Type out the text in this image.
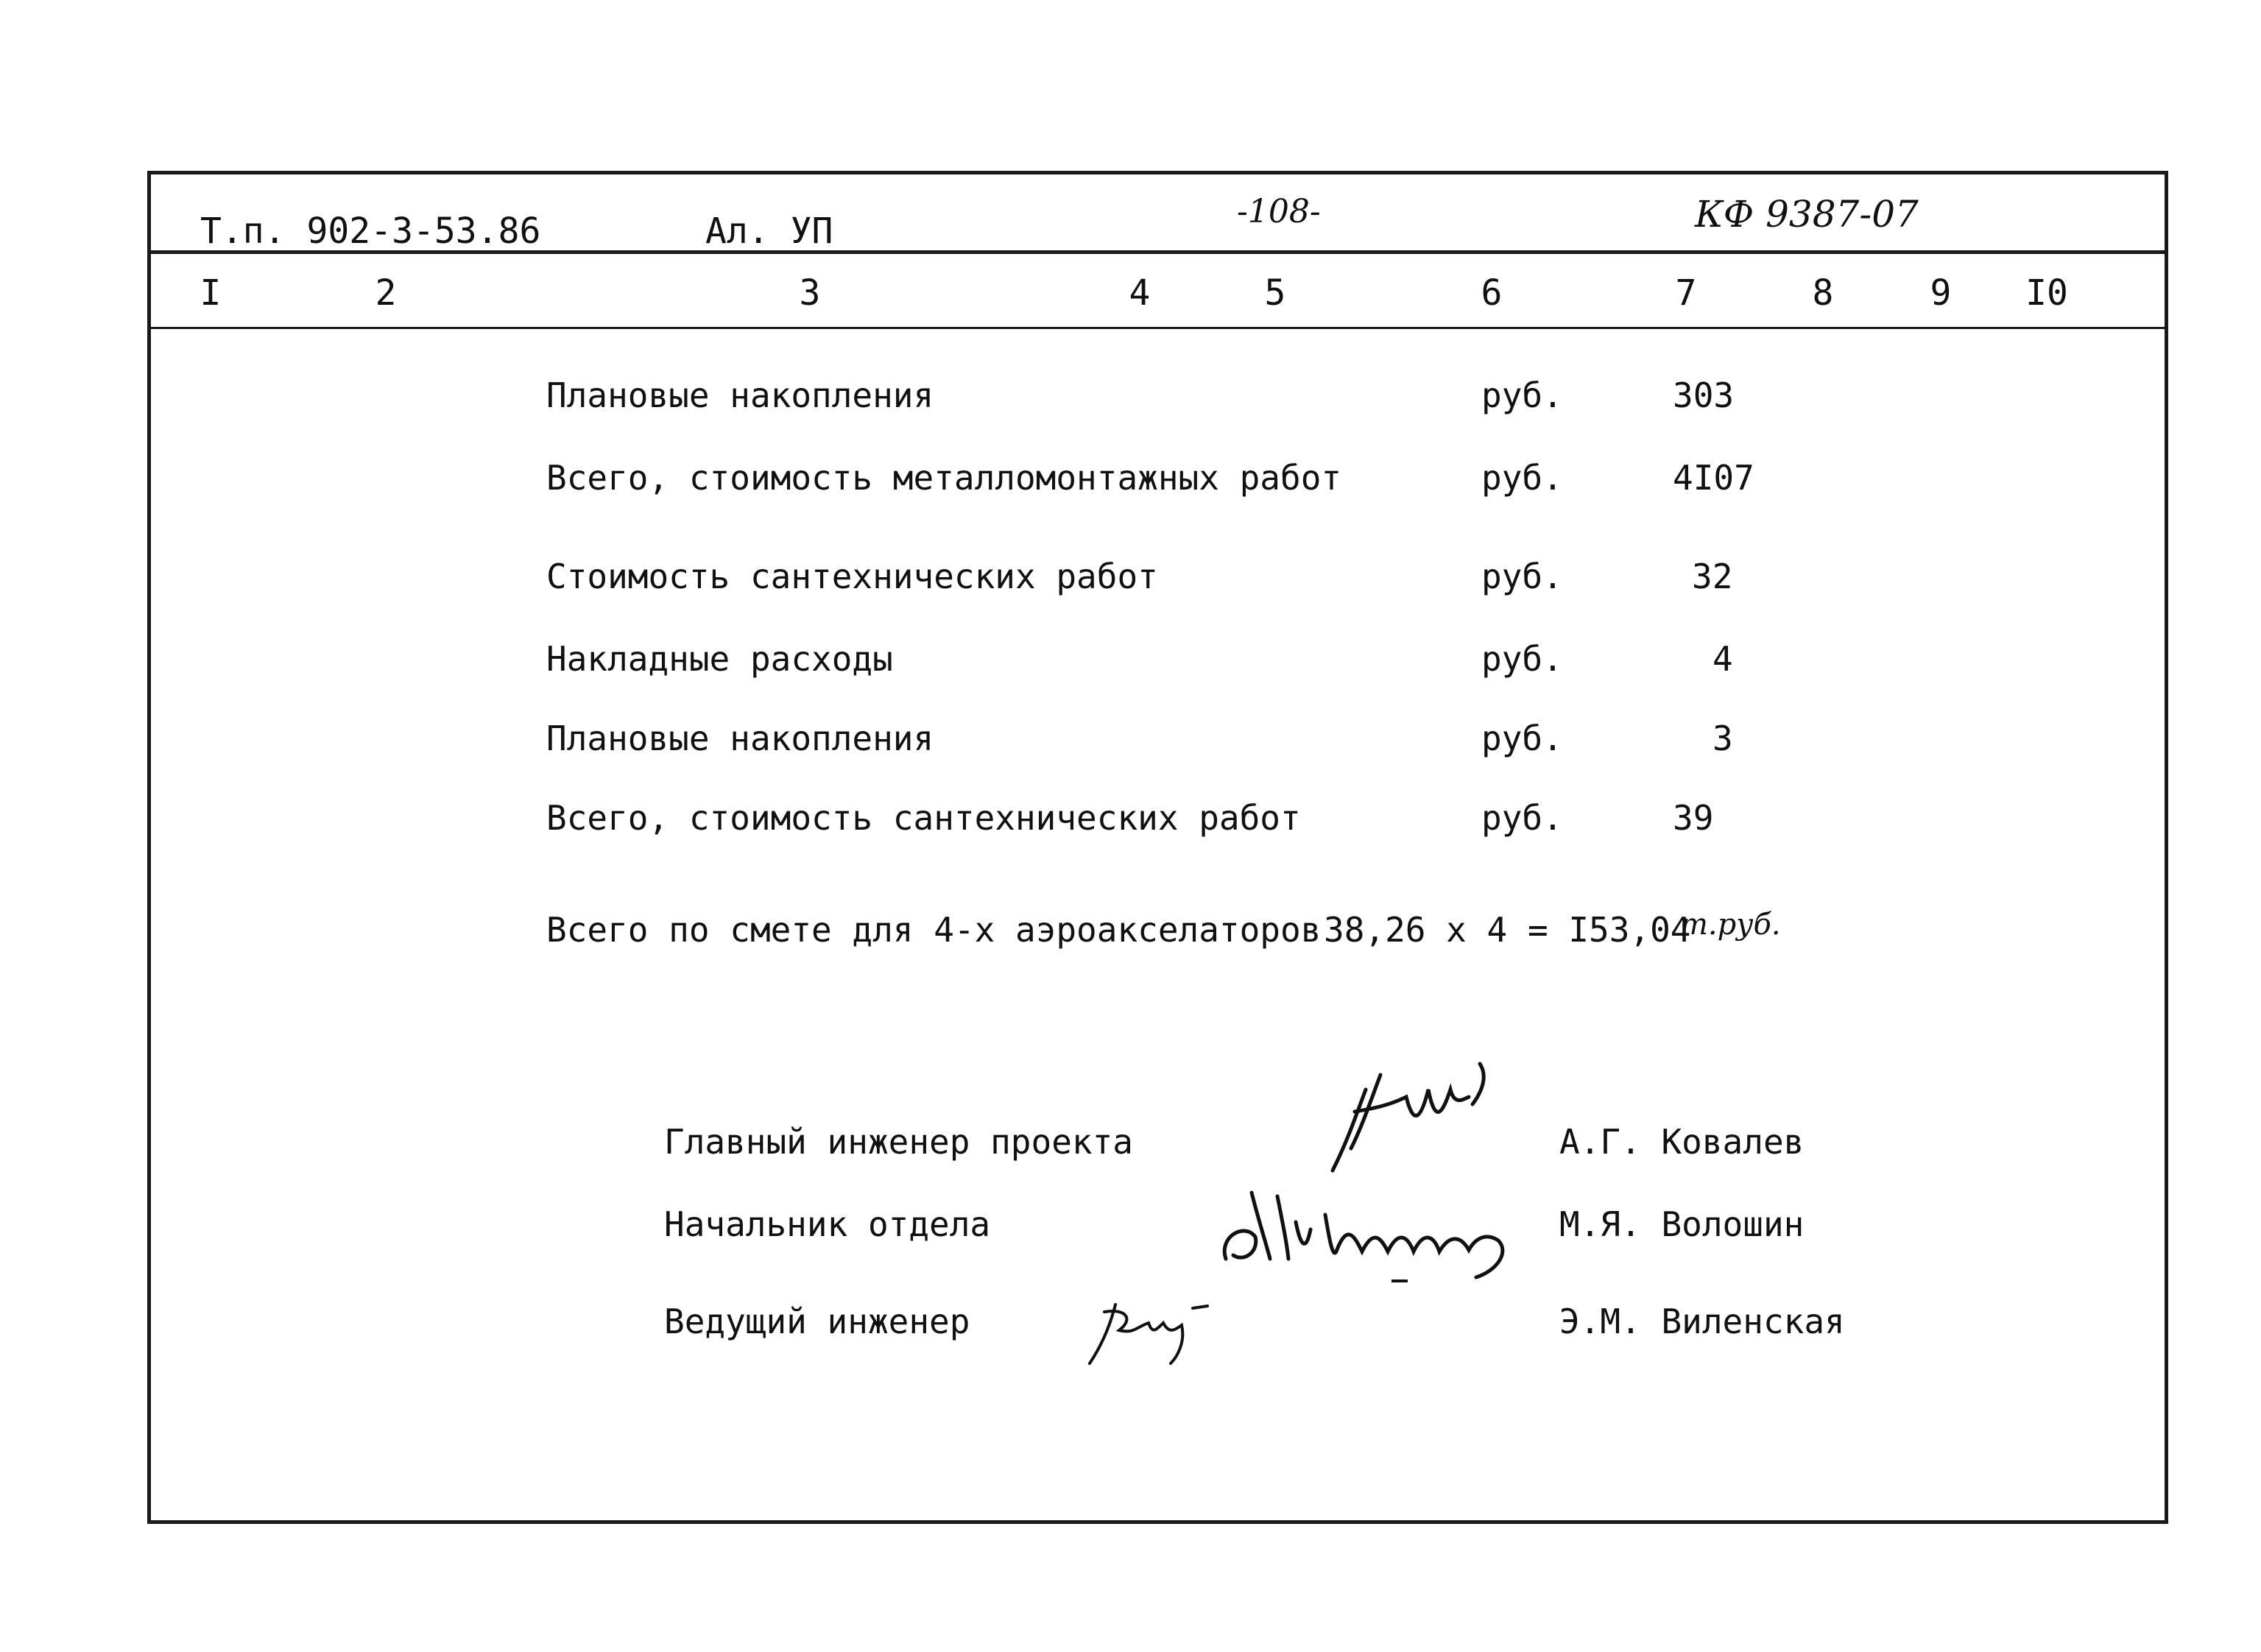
Т.п. 902-3-53.86	Ал. УП	-108-	КФ 9387-07
I	2	3	4	5	6	7	8	9 I0
Плановые накопления	руб.	303
Всего, стоимость металломонтажных работ	руб.	4I07
Стоимость сантехнических работ	руб.	32
Накладные расходы	руб.	4
Плановые накопления	руб.	3
Всего, стоимость сантехнических работ	руб.	39
Всего по смете для 4-х аэроакселаторов 38,26 х 4 = I53,04
т.руб.
Главный инженер проекта	А.Г. Ковалев
Начальник отдела	М.Я. Волошин
Ведущий инженер	Э.М. Виленская
